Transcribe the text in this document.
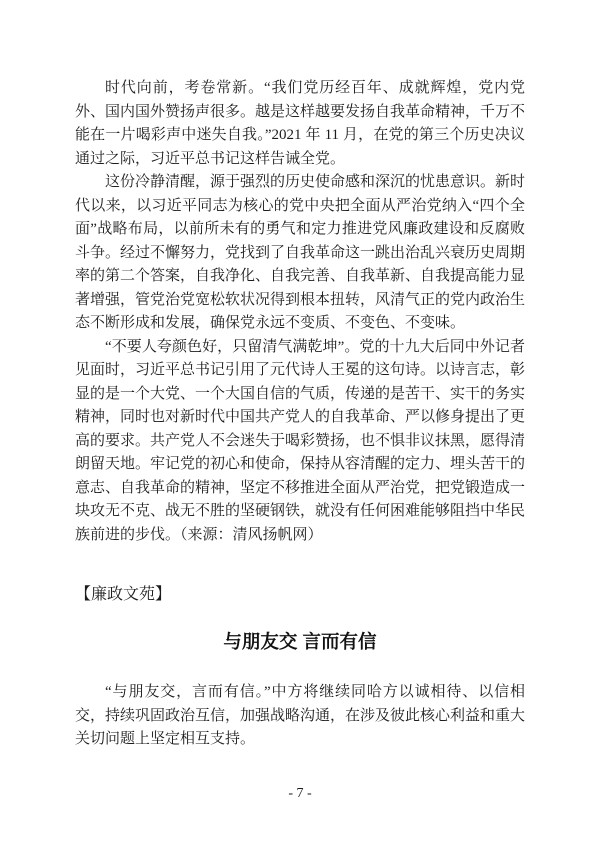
时代向前，考卷常新。“我们党历经百年、成就辉煌，党内党外、国内国外赞扬声很多。越是这样越要发扬自我革命精神，千万不能在一片喝彩声中迷失自我。”2021 年 11 月，在党的第三个历史决议通过之际，习近平总书记这样告诫全党。

这份冷静清醒，源于强烈的历史使命感和深沉的忧患意识。新时代以来，以习近平同志为核心的党中央把全面从严治党纳入“四个全面”战略布局，以前所未有的勇气和定力推进党风廉政建设和反腐败斗争。经过不懈努力，党找到了自我革命这一跳出治乱兴衰历史周期率的第二个答案，自我净化、自我完善、自我革新、自我提高能力显著增强，管党治党宽松软状况得到根本扭转，风清气正的党内政治生态不断形成和发展，确保党永远不变质、不变色、不变味。

“不要人夸颜色好，只留清气满乾坤”。党的十九大后同中外记者见面时，习近平总书记引用了元代诗人王冕的这句诗。以诗言志，彰显的是一个大党、一个大国自信的气质，传递的是苦干、实干的务实精神，同时也对新时代中国共产党人的自我革命、严以修身提出了更高的要求。共产党人不会迷失于喝彩赞扬，也不惧非议抹黑，愿得清朗留天地。牢记党的初心和使命，保持从容清醒的定力、埋头苦干的意志、自我革命的精神，坚定不移推进全面从严治党，把党锻造成一块攻无不克、战无不胜的坚硬钢铁，就没有任何困难能够阻挡中华民族前进的步伐。（来源：清风扬帆网）

【廉政文苑】

与朋友交 言而有信

“与朋友交，言而有信。”中方将继续同哈方以诚相待、以信相交，持续巩固政治互信，加强战略沟通，在涉及彼此核心利益和重大关切问题上坚定相互支持。

- 7 -
